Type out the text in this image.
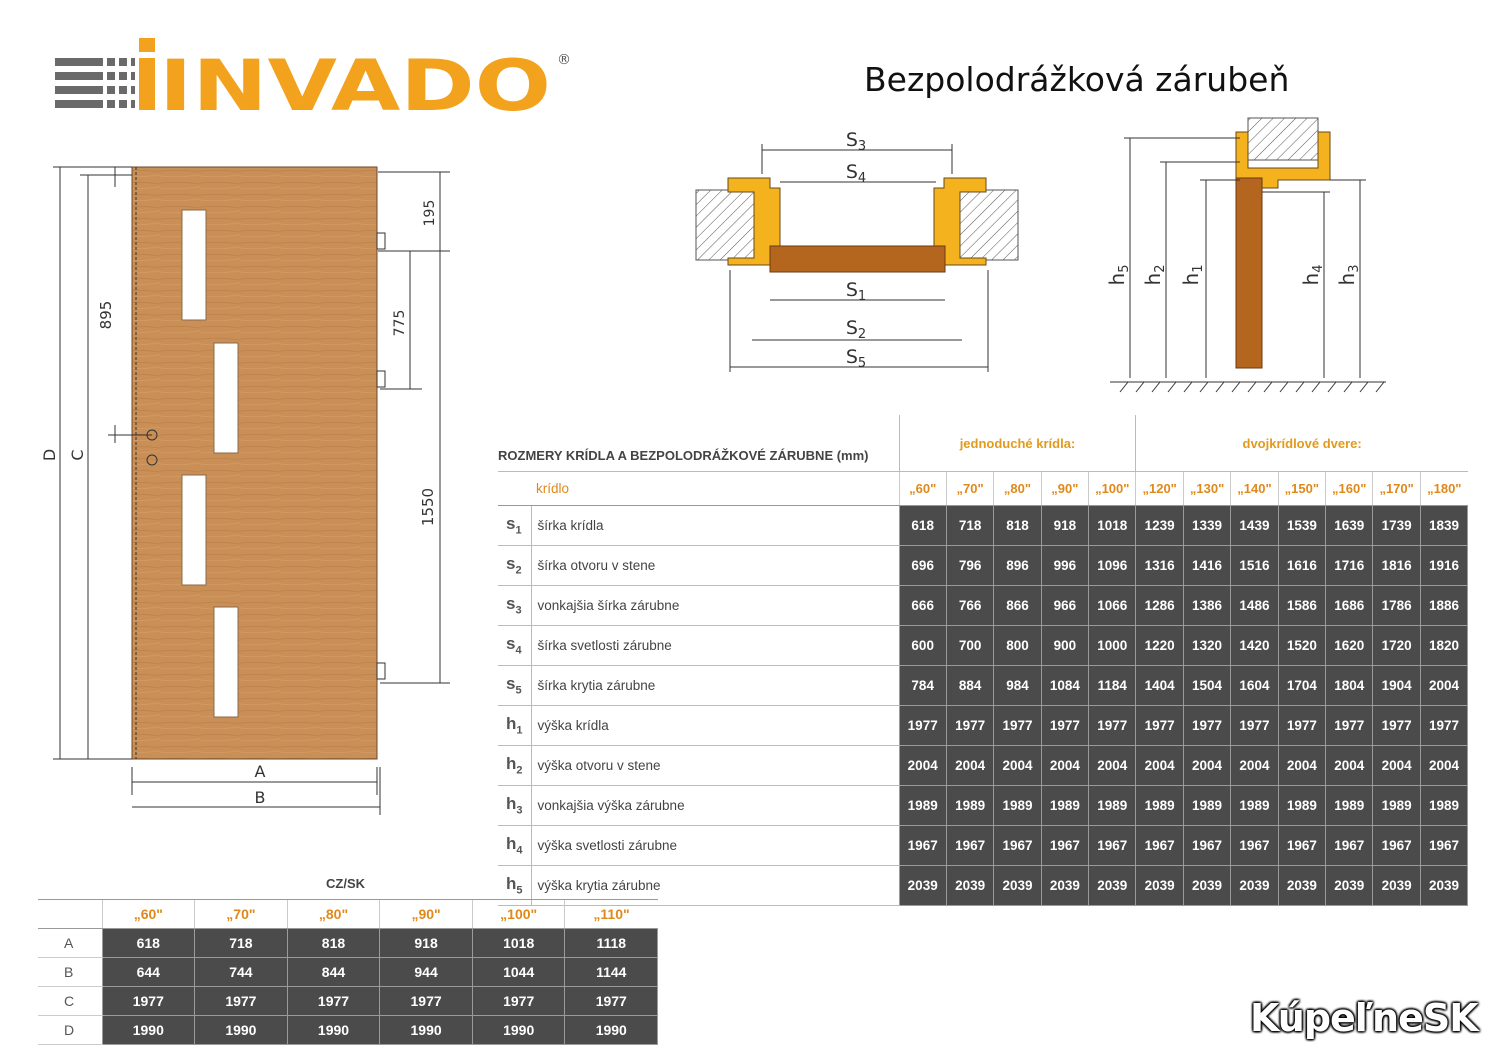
INVADO ®	Bezpolodrážková zárubeň
895
195
775
1550
D C
A
B
$S_3$
$S_4$
$S_1$
$S_2$
$S_5$
$h_5$
$h_2$
$h_1$
$h_4$
$h_3$
ROZMERY KRÍDLA A BEZPOLODRÁŽKOVÉ ZÁRUBNE (mm)		jednoduché krídla:					dvojkrídlové dvere:						
krídlo		„60"	„70"	„80"	„90"	„100"	„120"	„130"	„140"	„150"	„160"	„170"	„180"
$s_1$	šírka krídla	618	718	818	918	1018	1239	1339	1439	1539	1639	1739	1839
$s_2$	šírka otvoru v stene	696	796	896	996	1096	1316	1416	1516	1616	1716	1816	1916
$s_3$	vonkajšia šírka zárubne	666	766	866	966	1066	1286	1386	1486	1586	1686	1786	1886
$s_4$	šírka svetlosti zárubne	600	700	800	900	1000	1220	1320	1420	1520	1620	1720	1820
$s_5$	šírka krytia zárubne	784	884	984	1084	1184	1404	1504	1604	1704	1804	1904	2004
$h_1$	výška krídla	1977	1977	1977	1977	1977	1977	1977	1977	1977	1977	1977	1977
$h_2$	výška otvoru v stene	2004	2004	2004	2004	2004	2004	2004	2004	2004	2004	2004	2004
$h_3$	vonkajšia výška zárubne	1989	1989	1989	1989	1989	1989	1989	1989	1989	1989	1989	1989
$h_4$	výška svetlosti zárubne	1967	1967	1967	1967	1967	1967	1967	1967	1967	1967	1967	1967
$h_5$	výška krytia zárubne	2039	2039	2039	2039	2039	2039	2039	2039	2039	2039	2039	2039
CZ/SK
	„60"	„70"	„80"	„90"	„100"	„110"
A	618	718	818	918	1018	1118
B	644	744	844	944	1044	1144
C	1977	1977	1977	1977	1977	1977
D	1990	1990	1990	1990	1990	1990	KúpeľneSK
